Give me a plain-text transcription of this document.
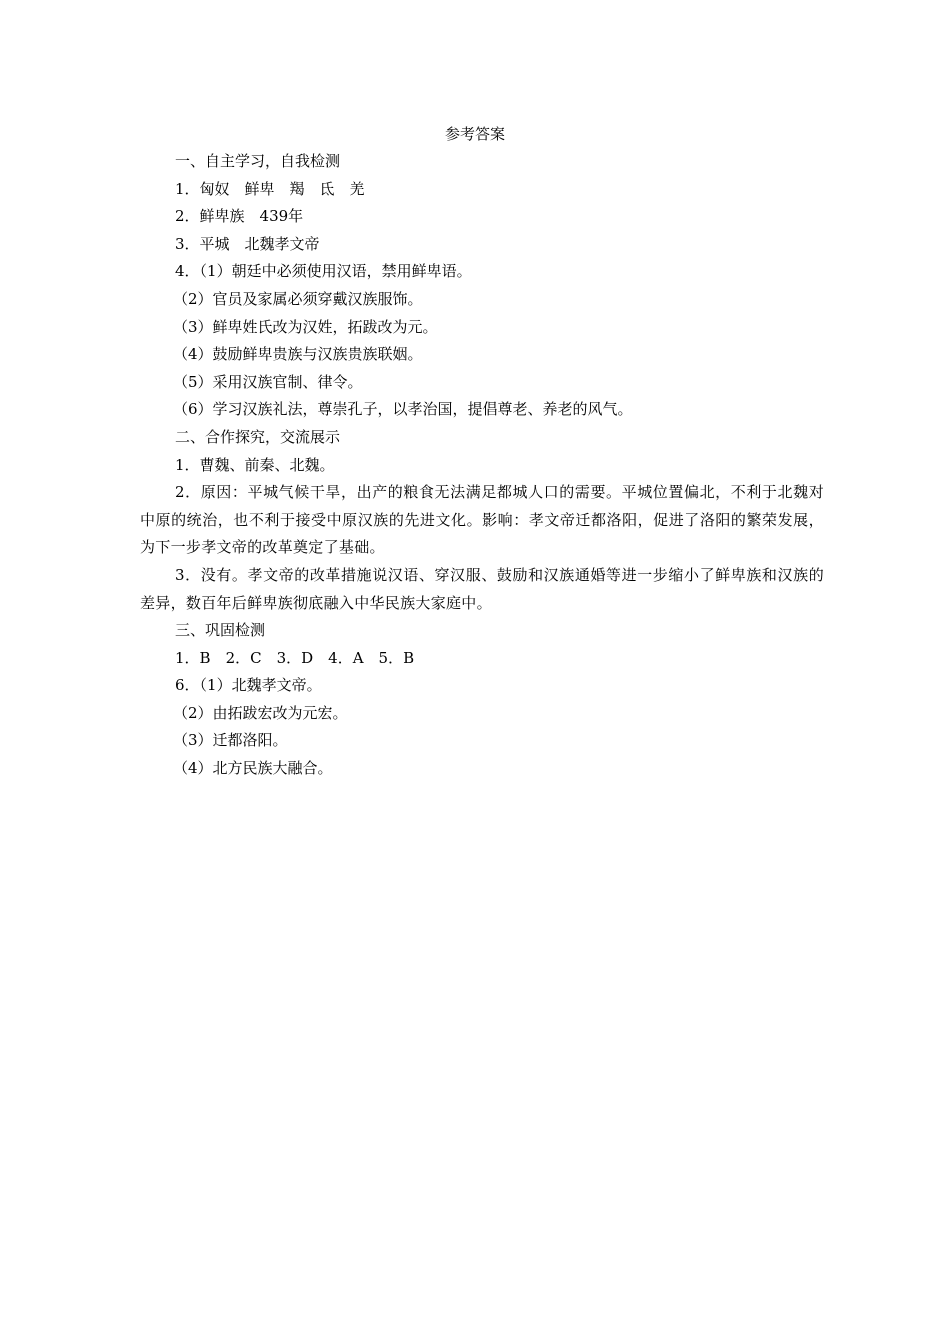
参考答案

一、自主学习，自我检测

1．匈奴　鲜卑　羯　氐　羌

2．鲜卑族　439年

3．平城　北魏孝文帝

4．（1）朝廷中必须使用汉语，禁用鲜卑语。

（2）官员及家属必须穿戴汉族服饰。

（3）鲜卑姓氏改为汉姓，拓跋改为元。

（4）鼓励鲜卑贵族与汉族贵族联姻。

（5）采用汉族官制、律令。

（6）学习汉族礼法，尊崇孔子，以孝治国，提倡尊老、养老的风气。

二、合作探究，交流展示

1．曹魏、前秦、北魏。

2．原因：平城气候干旱，出产的粮食无法满足都城人口的需要。平城位置偏北，不利于北魏对中原的统治，也不利于接受中原汉族的先进文化。影响：孝文帝迁都洛阳，促进了洛阳的繁荣发展，为下一步孝文帝的改革奠定了基础。

3．没有。孝文帝的改革措施说汉语、穿汉服、鼓励和汉族通婚等进一步缩小了鲜卑族和汉族的差异，数百年后鲜卑族彻底融入中华民族大家庭中。

三、巩固检测

1．B　2．C　3．D　4．A　5．B

6．（1）北魏孝文帝。

（2）由拓跋宏改为元宏。

（3）迁都洛阳。

（4）北方民族大融合。
